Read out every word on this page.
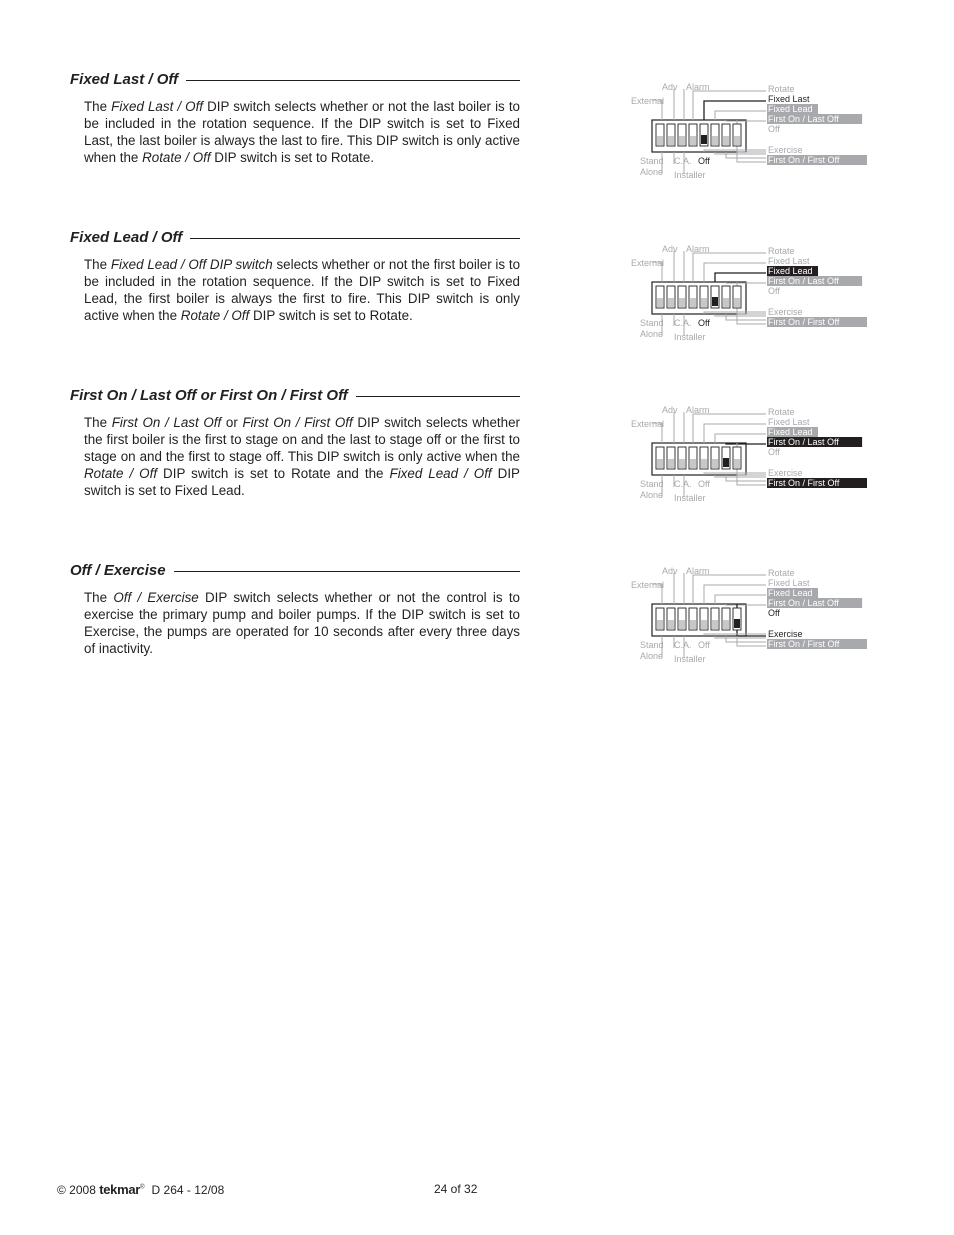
Fixed Last / Off
The Fixed Last / Off DIP switch selects whether or not the last boiler is to be included in the rotation sequence. If the DIP switch is set to Fixed Last, the last boiler is always the last to fire. This DIP switch is only active when the Rotate / Off DIP switch is set to Rotate.
Fixed Lead / Off
The Fixed Lead / Off DIP switch selects whether or not the first boiler is to be included in the rotation sequence. If the DIP switch is set to Fixed Lead, the first boiler is always the first to fire. This DIP switch is only active when the Rotate / Off DIP switch is set to Rotate.
First On / Last Off or First On / First Off
The First On / Last Off or First On / First Off DIP switch selects whether the first boiler is the first to stage on and the last to stage off or the first to stage on and the first to stage off. This DIP switch is only active when the Rotate / Off DIP switch is set to Rotate and the Fixed Lead / Off DIP switch is set to Fixed Lead.
Off / Exercise
The Off / Exercise DIP switch selects whether or not the control is to exercise the primary pump and boiler pumps. If the DIP switch is set to Exercise, the pumps are operated for 10 seconds after every three days of inactivity.
Adv Alarm
External
Stand
Alone
C.A. Off
Installer
Rotate
Fixed Last
Fixed Lead
First On / Last Off
Off
Exercise
First On / First Off
Adv Alarm
External
Stand
Alone
C.A. Off
Installer
Rotate
Fixed Last
Fixed Lead
First On / Last Off
Off
Exercise
First On / First Off
Adv Alarm
External
Stand
Alone
C.A. Off
Installer
Rotate
Fixed Last
Fixed Lead
First On / Last Off
Off
Exercise
First On / First Off
Adv Alarm
External
Stand
Alone
C.A. Off
Installer
Rotate
Fixed Last
Fixed Lead
First On / Last Off
Off
Exercise
First On / First Off
© 2008 tekmar® D 264 - 12/08	24 of 32
